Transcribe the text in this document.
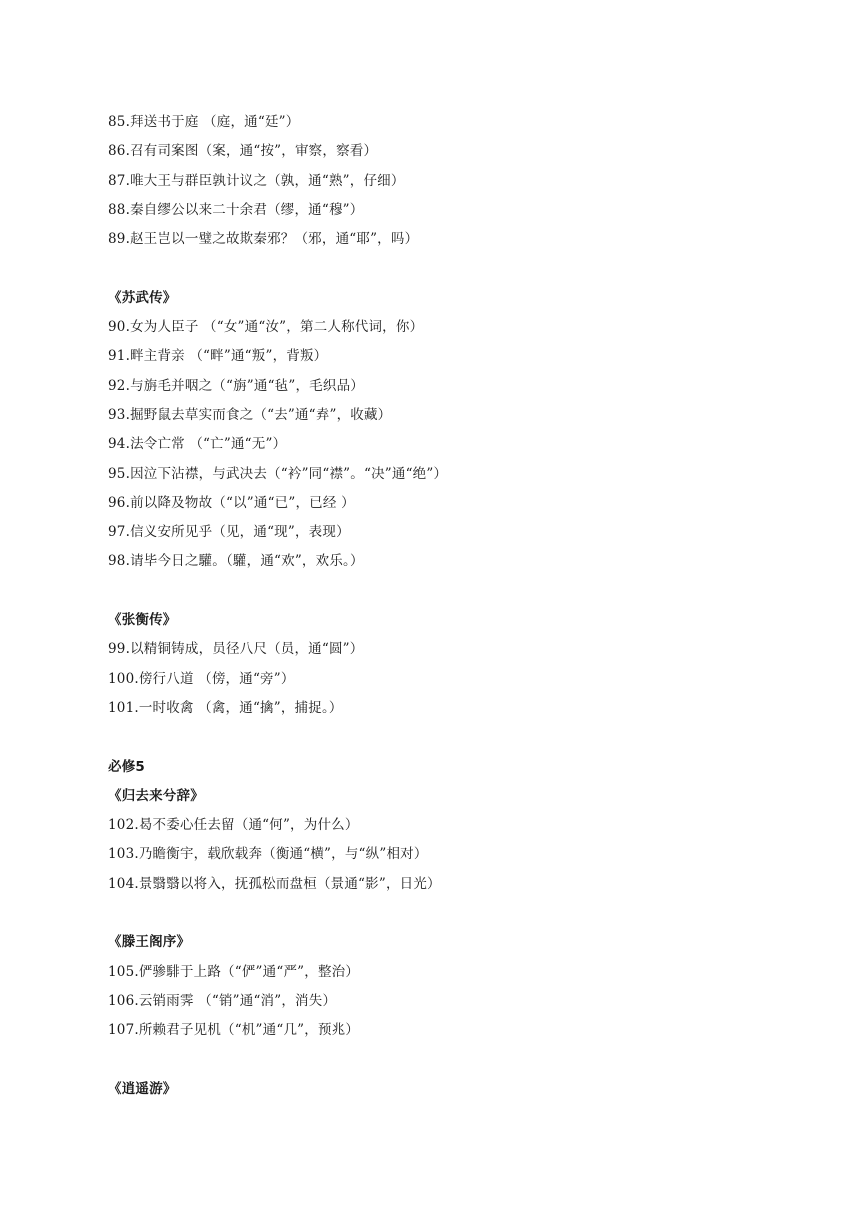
85.拜送书于庭 （庭，通“廷”）
86.召有司案图（案，通“按”，审察，察看）
87.唯大王与群臣孰计议之（孰，通“熟”，仔细）
88.秦自缪公以来二十余君（缪，通“穆”）
89.赵王岂以一璧之故欺秦邪？（邪，通“耶”，吗）
《苏武传》
90.女为人臣子 （“女”通“汝”，第二人称代词，你）
91.畔主背亲 （“畔”通“叛”，背叛）
92.与旃毛并咽之（“旃”通“毡”，毛织品）
93.掘野鼠去草实而食之（“去”通“弆”，收藏）
94.法令亡常 （“亡”通“无”）
95.因泣下沾襟，与武决去（“衿”同“襟”。“决”通“绝”）
96.前以降及物故（“以”通“已”，已经 ）
97.信义安所见乎（见，通“现”，表现）
98.请毕今日之驩。（驩，通“欢”，欢乐。）
《张衡传》
99.以精铜铸成，员径八尺（员，通“圆”）
100.傍行八道 （傍，通“旁”）
101.一时收禽 （禽，通“擒”，捕捉。）
必修5
《归去来兮辞》
102.曷不委心任去留（通“何”，为什么）
103.乃瞻衡宇，载欣载奔（衡通“横”，与“纵”相对）
104.景翳翳以将入，抚孤松而盘桓（景通“影”，日光）
《滕王阁序》
105.俨骖騑于上路（“俨”通“严”，整治）
106.云销雨霁 （“销”通“消”，消失）
107.所赖君子见机（“机”通“几”，预兆）
《逍遥游》
